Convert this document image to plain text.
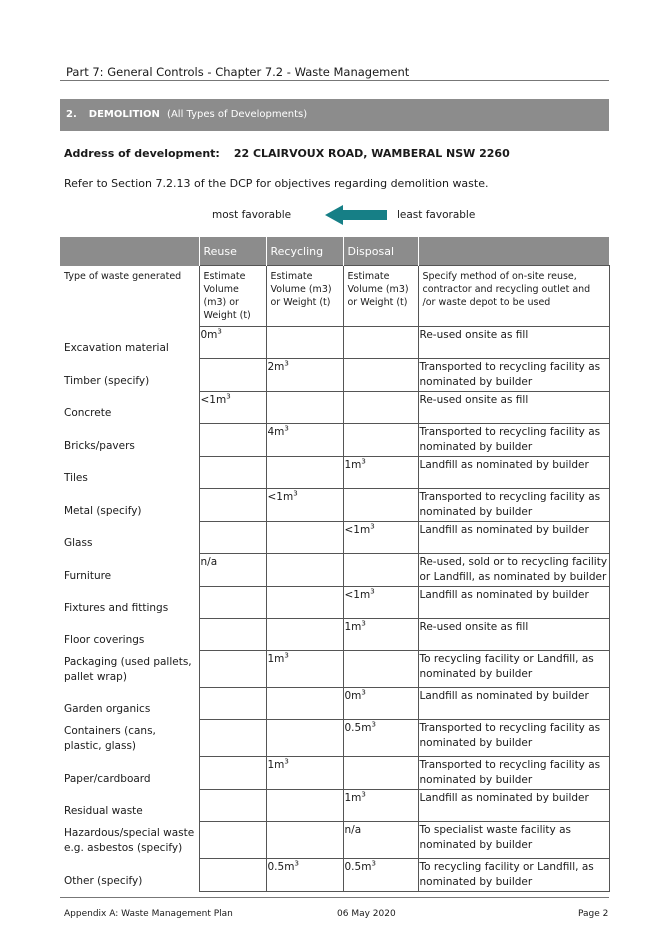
Part 7: General Controls - Chapter 7.2 - Waste Management
2. DEMOLITION (All Types of Developments)
Address of development: 22 CLAIRVOUX ROAD, WAMBERAL NSW 2260
Refer to Section 7.2.13 of the DCP for objectives regarding demolition waste.
most favorable	least favorable
	Reuse	Recycling	Disposal	
Type of waste generated	Estimate Volume (m3) or Weight (t)	Estimate Volume (m3) or Weight (t)	Estimate Volume (m3) or Weight (t)	Specify method of on-site reuse, contractor and recycling outlet and /or waste depot to be used
Excavation material	$0m^3$			Re-used onsite as fill
Timber (specify)		$2m^3$		Transported to recycling facility as nominated by builder
Concrete	$<1m^3$			Re-used onsite as fill
Bricks/pavers		$4m^3$		Transported to recycling facility as nominated by builder
Tiles			$1m^3$	Landfill as nominated by builder
Metal (specify)		$<1m^3$		Transported to recycling facility as nominated by builder
Glass			$<1m^3$	Landfill as nominated by builder
Furniture	n/a			Re-used, sold or to recycling facility or Landfill, as nominated by builder
Fixtures and fittings			$<1m^3$	Landfill as nominated by builder
Floor coverings			$1m^3$	Re-used onsite as fill
Packaging (used pallets, pallet wrap)		$1m^3$		To recycling facility or Landfill, as nominated by builder
Garden organics			$0m^3$	Landfill as nominated by builder
Containers (cans, plastic, glass)			$0.5m^3$	Transported to recycling facility as nominated by builder
Paper/cardboard		$1m^3$		Transported to recycling facility as nominated by builder
Residual waste			$1m^3$	Landfill as nominated by builder
Hazardous/special waste e.g. asbestos (specify)			n/a	To specialist waste facility as nominated by builder
Other (specify)		$0.5m^3$	$0.5m^3$	To recycling facility or Landfill, as nominated by builder
Appendix A: Waste Management Plan	06 May 2020	Page 2
